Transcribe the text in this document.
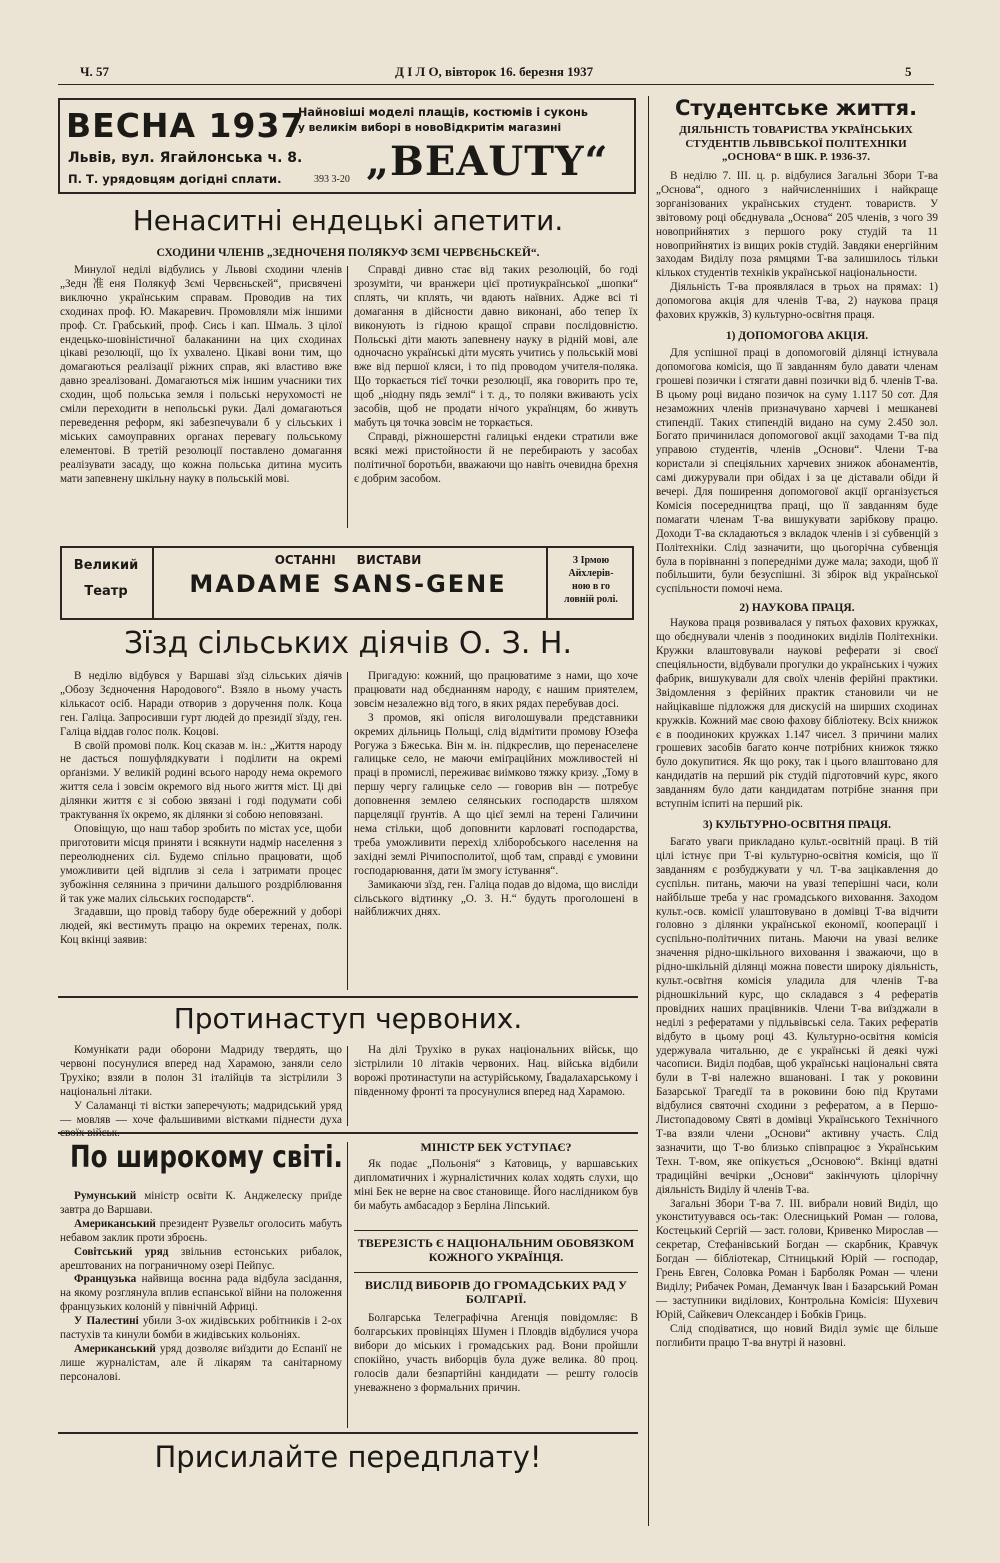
Ч. 57	Д І Л О, вівторок 16. березня 1937	5
ВЕСНА 1937
Найновіші моделі плащів, костюмів і суконь
у великім виборі в новоВідкритім магазині
Львів, вул. Ягайлонська ч. 8.
П. Т. урядовцям догідні сплати.	393 3-20 „BEAUTY“
Ненаситні ендецькі апетити.
СХОДИНИ ЧЛЕНІВ „ЗЕДНОЧЕНЯ ПОЛЯКУФ ЗЄМІ ЧЕРВЄНЬСКЕЙ“.
Минулої неділі відбулись у Львові сходини членів „Зедн准еня Полякуф Зємі Червєньскей“, присвячені виключно українським справам. Проводив на тих сходинах проф. Ю. Макаревич. Промовляли між іншими проф. Ст. Грабський, проф. Сись і кап. Шмаль. З цілої ендецько-шовіністичної балаканини на цих сходинах цікаві резолюції, що їх ухвалено. Цікаві вони тим, що домагаються реалізації ріжних справ, які властиво вже давно зреалізовані. Домагаються між іншим учасники тих сходин, щоб польська земля і польські нерухомості не сміли переходити в непольські руки. Далі домагаються переведення реформ, які забезпечували б у сільських і міських самоуправних органах перевагу польському елементові. В третій резолюції поставлено домагання реалізувати засаду, що кожна польська дитина мусить мати запевнену шкільну науку в польській мові.
Справді дивно стає від таких резолюцій, бо годі зрозуміти, чи вранжери цієї протиукраїнської „шопки“ сплять, чи кплять, чи вдають наївних. Адже всі ті домагання в дійсности давно виконані, або тепер їх виконують із гідною кращої справи послідовністю. Польські діти мають запевнену науку в рідній мові, але одночасно українські діти мусять учитись у польській мові вже від першої кляси, і то під проводом учителя-поляка. Що торкається тієї точки резолюції, яка говорить про те, щоб „ніодну пядь землі“ і т. д., то поляки вживають усіх засобів, щоб не продати нічого українцям, бо живуть мабуть ця точка зовсім не торкається.
Справді, ріжношерстні галицькі ендеки стратили вже всякі межі пристойности й не перебирають у засобах політичної боротьби, вважаючи що навіть очевидна брехня є добрим засобом.
Великий
Театр
ОСТАННІ     ВИСТАВИ
MADAME SANS-GENE
З Ірмою
Айхлерів-
ною в го
ловній ролі.
Зїзд сільських діячів О. З. Н.
В неділю відбувся у Варшаві зїзд сільських діячів „Обозу Зєдночення Народового“. Взяло в ньому участь кількасот осіб. Наради отворив з доручення полк. Коца ген. Галіца. Запросивши гурт людей до президії зїзду, ген. Галіца віддав голос полк. Коцові.
В своїй промові полк. Коц сказав м. ін.: „Життя народу не дасться пошуфлядкувати і поділити на окремі орґанізми. У великій родині всього народу нема окремого життя села і зовсім окремого від нього життя міст. Ці дві ділянки життя є зі собою звязані і годі подумати собі трактування їх окремо, як ділянки зі собою неповязані.
Оповіщую, що наш табор зробить по містах усе, щоби приготовити місця приняти і всякнути надмір населення з переолюднених сіл. Будемо спільно працювати, щоб уможливити цей відплив зі села і затримати процес зубожіння селянина з причини дальшого роздріблювання й так уже малих сільських господарств“.
Згадавши, що провід табору буде обережний у доборі людей, які вестимуть працю на окремих теренах, полк. Коц вкінці заявив:
Пригадую: кожний, що працюватиме з нами, що хоче працювати над обєднанням народу, є нашим приятелем, зовсім незалежно від того, в яких рядах перебував досі.
З промов, які опісля виголошували представники окремих дільниць Польщі, слід відмітити промову Юзефа Рогужа з Бжеська. Він м. ін. підкреслив, що перенаселене галицьке село, не маючи еміґраційних можливостей ні праці в промислі, переживає виімково тяжку кризу. „Тому в першу чергу галицьке село — говорив він — потребує доповнення землею селянських господарств шляхом парцеляції ґрунтів. А що цієї землі на терені Галичини нема стільки, щоб доповнити карловаті господарства, треба уможливити перехід хліборобського населення на західні землі Річипосполитої, щоб там, справді є умовини господарювання, дати їм змогу істування“.
Замикаючи зїзд, ген. Галіца подав до відома, що висліди сільського відтинку „О. З. Н.“ будуть проголошені в найближчих днях.
Протинаступ червоних.
Комунікати ради оборони Мадриду твердять, що червоні посунулися вперед над Харамою, заняли село Трухіко; взяли в полон 31 італійців та зістрілили 3 національні літаки.
У Саламанці ті вістки заперечують; мадридський уряд — мовляв — хоче фальшивими вістками піднести духа
На ділі Трухіко в руках національних військ, що зістрілили 10 літаків червоних. Нац. війська відбили ворожі протинаступи на астурійському, Ґвадалахарському і південному фронті та просунулися вперед над Харамою.
По широкому світі.
Румунський міністр освіти К. Анджелеску приїде завтра до Варшави.
Американський президент Рузвельт оголосить мабуть небавом заклик проти зброєнь.
Совітський уряд звільнив естонських рибалок, арештованих на пограничному озері Пейпус.
Французька найвища воєнна рада відбула засідання, на якому розглянула вплив еспанської війни на положення французьких колоній у північній Африці.
У Палестині убили 3-ох жидівських робітників і 2-ох пастухів та кинули бомби в жидівських кольоніях.
Американський уряд дозволяє виїздити до Еспанії не лише журналістам, але й лікарям та санітарному персоналові.
МІНІСТР БЕК УСТУПАЄ?
Як подає „Польонія“ з Катовиць, у варшавських дипломатичних і журналістичних колах ходять слухи, що міні Бек не верне на своє становище. Його наслідником був би мабуть амбасадор з Берліна Ліпський.
ТВЕРЕЗІСТЬ Є НАЦІОНАЛЬНИМ ОБОВЯЗКОМ КОЖНОГО УКРАЇНЦЯ.
ВИСЛІД ВИБОРІВ ДО ГРОМАДСЬКИХ РАД У БОЛГАРІЇ.
Болгарська Телеграфічна Агенція повідомляє: В болгарських провінціях Шумен і Пловдів відбулися учора вибори до міських і громадських рад. Вони пройшли спокійно, участь виборців була дуже велика. 80 проц. голосів дали безпартійні кандидати — решту голосів уневажнено з формальних причин.
Присилайте передплату!
Студентське життя.
ДІЯЛЬНІСТЬ ТОВАРИСТВА УКРАЇНСЬКИХ СТУДЕНТІВ ЛЬВІВСЬКОЇ ПОЛІТЕХНІКИ „ОСНОВА“ В ШК. Р. 1936-37.
В неділю 7. ІІІ. ц. р. відбулися Загальні Збори Т-ва „Основа“, одного з найчисленніших і найкраще зорганізованих українських студент. товариств. У звітовому році обєднувала „Основа“ 205 членів, з чого 39 новоприйнятих з першого року студій та 11 новоприйнятих із вищих років студій. Завдяки енергійним заходам Виділу поза рямцями Т-ва залишилось тільки кількох студентів техніків української національности.
Діяльність Т-ва проявлялася в трьох на прямах: 1) допомогова акція для членів Т-ва, 2) наукова праця фахових кружків, 3) культурно-освітня праця.
1) ДОПОМОГОВА АКЦІЯ.
Для успішної праці в допомоговій ділянці істнувала допомогова комісія, що її завданням було давати членам грошеві позички і стягати давні позички від б. членів Т-ва. В цьому році видано позичок на суму 1.117 50 сот. Для незаможних членів призначувано харчеві і мешканеві стипендії. Таких стипендій видано на суму 2.450 зол. Богато причинилася допомогової акції заходами Т-ва під управою студентів, членів „Основи“. Члени Т-ва користали зі спеціяльних харчевих знижок абонаментів, самі дижурували при обідах і за це діставали обіди й вечері. Для поширення допомогової акції організується Комісія посередництва праці, що її завданням буде помагати членам Т-ва вишукувати зарібкову працю. Доходи Т-ва складаються з вкладок членів і зі субвенцій з Політехніки. Слід зазначити, що цьогорічна субвенція була в порівнанні з попередніми дуже мала; заходи, щоб її побільшити, були безуспішні. Зі збірок від української суспільности помочі нема.
2) НАУКОВА ПРАЦЯ.
Наукова праця розвивалася у пятьох фахових кружках, що обєднували членів з поодиноких виділів Політехніки. Кружки влаштовували наукові реферати зі своєї спеціяльности, відбували прогулки до українських і чужих фабрик, вишукували для своїх членів ферійні практики. Звідомлення з ферійних практик становили чи не найцікавіше підложжя для дискусій на ширших сходинах кружків. Кожний має свою фахову бібліотеку. Всіх книжок є в поодиноких кружках 1.147 чисел. З причини малих грошевих засобів багато конче потрібних книжок тяжко було докупитися. Як що року, так і цього влаштовано для кандидатів на перший рік студій підготовчий курс, якого завданням було дати кандидатам потрібне знання при вступнім іспиті на перший рік.
3) КУЛЬТУРНО-ОСВІТНЯ ПРАЦЯ.
Багато уваги прикладано культ.-освітній праці. В тій цілі істнує при Т-ві культурно-освітня комісія, що її завданням є розбуджувати у чл. Т-ва зацікавлення до суспільн. питань, маючи на увазі теперішні часи, коли найбільше треба у нас громадського виховання. Заходом культ.-осв. комісії улаштовувано в домівці Т-ва відчити головно з ділянки української економії, кооперації і суспільно-політичних питань. Маючи на увазі велике значення рідно-шкільного виховання і зважаючи, що в рідно-шкільній ділянці можна повести широку діяльність, культ.-освітня комісія уладила для членів Т-ва рідношкільний курс, що складався з 4 рефератів провідних наших працівників. Члени Т-ва виїзджали в неділі з рефератами у підльвівські села. Таких рефератів відбуто в цьому році 43. Культурно-освітня комісія удержувала читальню, де є українські й деякі чужі часописи. Виділ подбав, щоб українські національні свята були в Т-ві належно вшановані. І так у роковини Базарської Трагедії та в роковини бою під Крутами відбулися святочні сходини з рефератом, а в Першо-Листопадовому Святі в домівці Українського Технічного Т-ва взяли члени „Основи“ активну участь. Слід зазначити, що Т-во близько співпрацює з Українським Техн. Т-вом, яке опікується „Основою“. Вкінці вдатні традиційні вечірки „Основи“ закінчують цілорічну діяльність Виділу й членів Т-ва.
Загальні Збори Т-ва 7. ІІІ. вибрали новий Виділ, що уконституувався ось-так: Олесницький Роман — голова, Костецький Сергій — заст. голови, Кривенко Мирослав — секретар, Стефанівський Богдан — скарбник, Кравчук Богдан — бібліотекар, Сітницький Юрій — господар, Грень Евген, Соловка Роман і Барболяк Роман — члени Виділу; Рибачек Роман, Деманчук Іван і Базарський Роман — заступники видiлових, Контрольна Комісія: Шухевич Юрій, Сайкевич Олександер і Бобків Гриць.
Слід сподіватися, що новий Виділ зуміє ще більше поглибити працю Т-ва внутрі й назовні.
